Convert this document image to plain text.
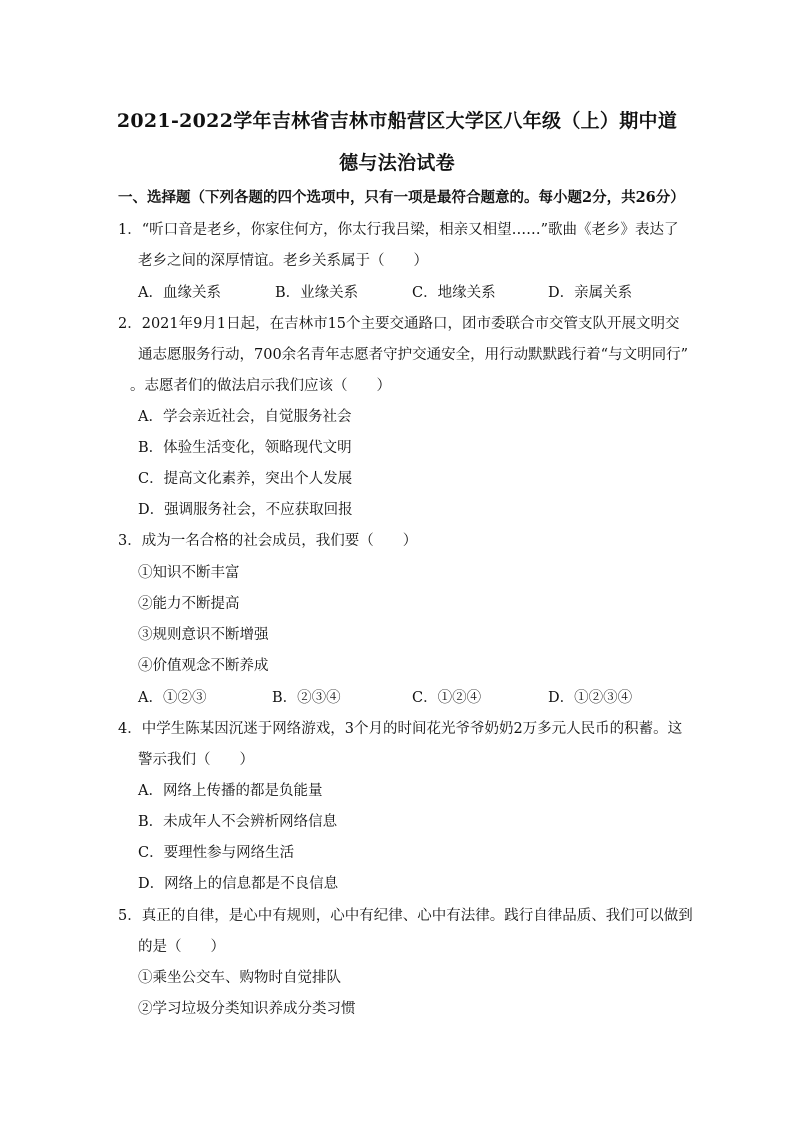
2021-2022学年吉林省吉林市船营区大学区八年级（上）期中道
德与法治试卷
一、选择题（下列各题的四个选项中，只有一项是最符合题意的。每小题2分，共26分）
1．“听口音是老乡，你家住何方，你太行我吕梁，相亲又相望……”歌曲《老乡》表达了
老乡之间的深厚情谊。老乡关系属于（　　）
A．血缘关系	B．业缘关系	C．地缘关系	D．亲属关系
2．2021年9月1日起，在吉林市15个主要交通路口，团市委联合市交管支队开展文明交
通志愿服务行动，700余名青年志愿者守护交通安全，用行动默默践行着“与文明同行”
。志愿者们的做法启示我们应该（　　）
A．学会亲近社会，自觉服务社会
B．体验生活变化，领略现代文明
C．提高文化素养，突出个人发展
D．强调服务社会，不应获取回报
3．成为一名合格的社会成员，我们要（　　）
①知识不断丰富
②能力不断提高
③规则意识不断增强
④价值观念不断养成
A．①②③	B．②③④	C．①②④	D．①②③④
4．中学生陈某因沉迷于网络游戏，3个月的时间花光爷爷奶奶2万多元人民币的积蓄。这
警示我们（　　）
A．网络上传播的都是负能量
B．未成年人不会辨析网络信息
C．要理性参与网络生活
D．网络上的信息都是不良信息
5．真正的自律，是心中有规则，心中有纪律、心中有法律。践行自律品质、我们可以做到
的是（　　）
①乘坐公交车、购物时自觉排队
②学习垃圾分类知识养成分类习惯
